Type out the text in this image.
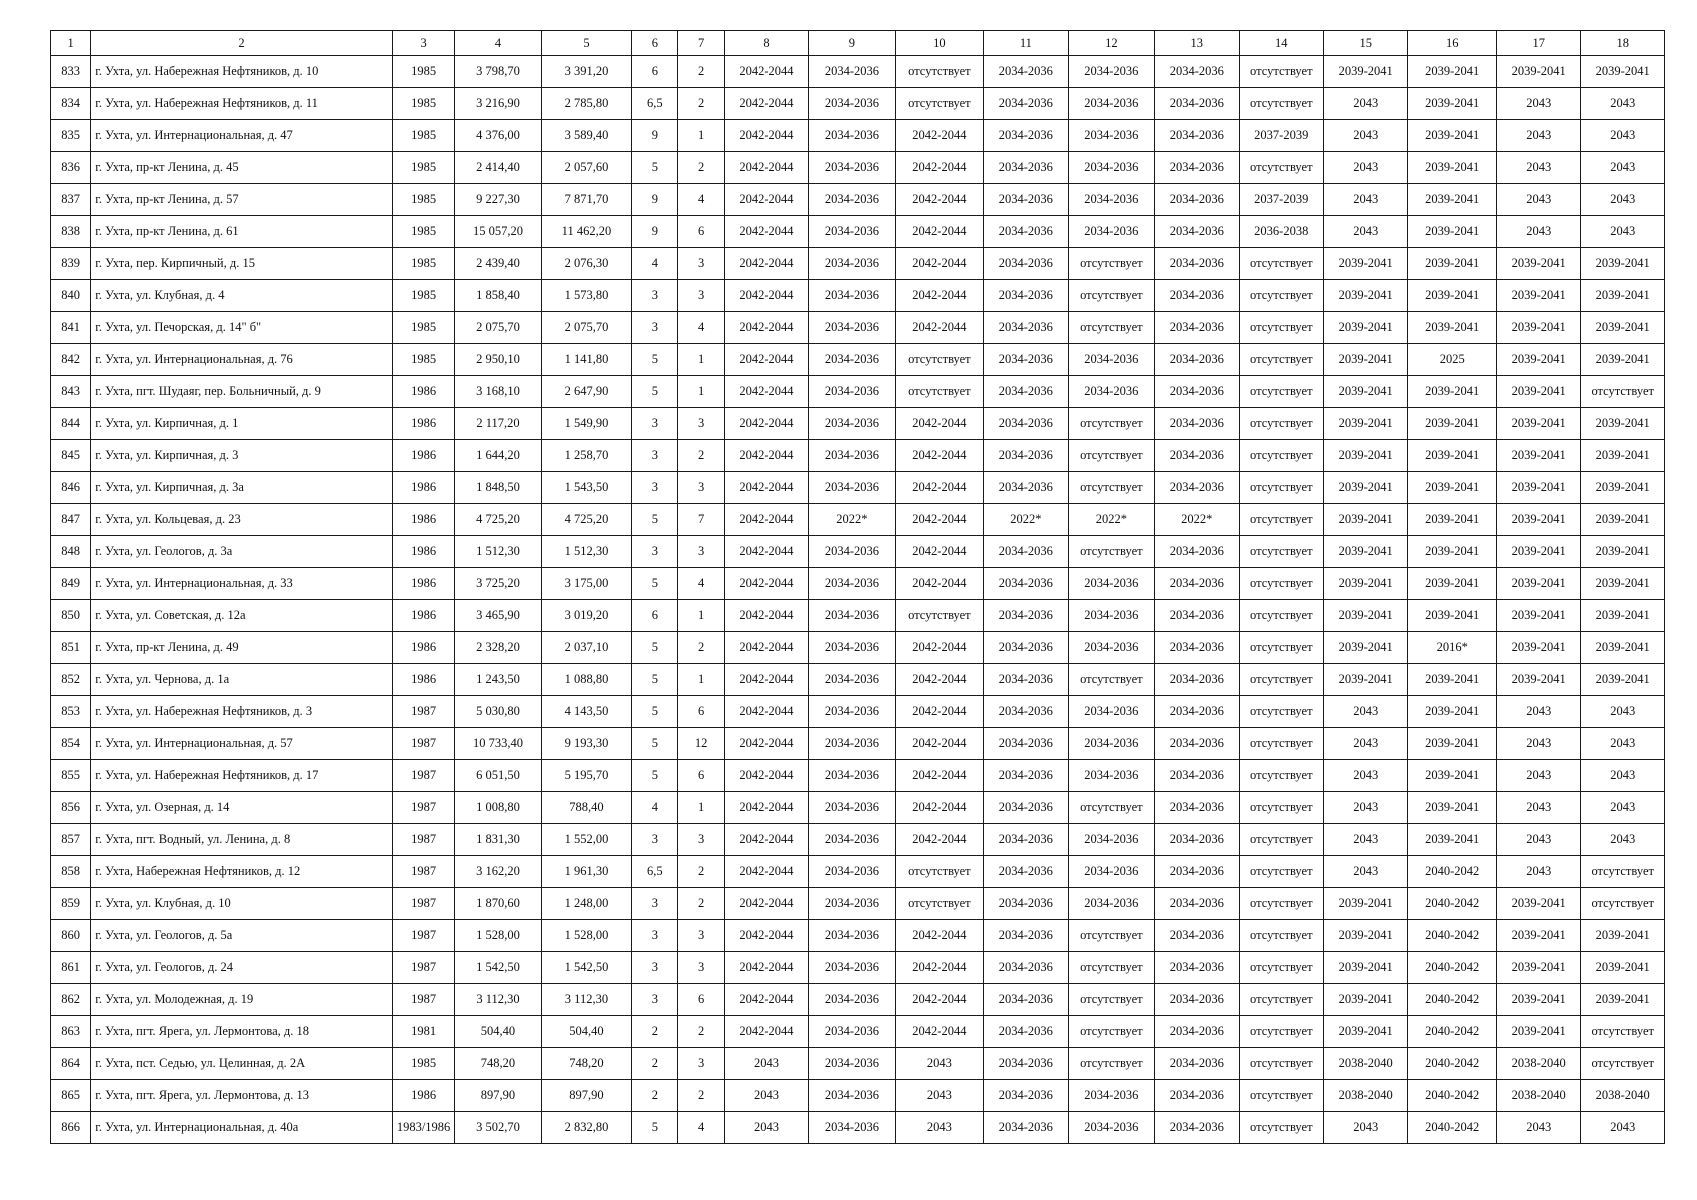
1	2	3	4	5	6	7	8	9	10	11	12	13	14	15	16	17	18
833	г. Ухта, ул. Набережная Нефтяников, д. 10	1985	3 798,70	3 391,20	6	2	2042-2044	2034-2036	отсутствует	2034-2036	2034-2036	2034-2036	отсутствует	2039-2041	2039-2041	2039-2041	2039-2041
834	г. Ухта, ул. Набережная Нефтяников, д. 11	1985	3 216,90	2 785,80	6,5	2	2042-2044	2034-2036	отсутствует	2034-2036	2034-2036	2034-2036	отсутствует	2043	2039-2041	2043	2043
835	г. Ухта, ул. Интернациональная, д. 47	1985	4 376,00	3 589,40	9	1	2042-2044	2034-2036	2042-2044	2034-2036	2034-2036	2034-2036	2037-2039	2043	2039-2041	2043	2043
836	г. Ухта, пр-кт Ленина, д. 45	1985	2 414,40	2 057,60	5	2	2042-2044	2034-2036	2042-2044	2034-2036	2034-2036	2034-2036	отсутствует	2043	2039-2041	2043	2043
837	г. Ухта, пр-кт Ленина, д. 57	1985	9 227,30	7 871,70	9	4	2042-2044	2034-2036	2042-2044	2034-2036	2034-2036	2034-2036	2037-2039	2043	2039-2041	2043	2043
838	г. Ухта, пр-кт Ленина, д. 61	1985	15 057,20	11 462,20	9	6	2042-2044	2034-2036	2042-2044	2034-2036	2034-2036	2034-2036	2036-2038	2043	2039-2041	2043	2043
839	г. Ухта, пер. Кирпичный, д. 15	1985	2 439,40	2 076,30	4	3	2042-2044	2034-2036	2042-2044	2034-2036	отсутствует	2034-2036	отсутствует	2039-2041	2039-2041	2039-2041	2039-2041
840	г. Ухта, ул. Клубная, д. 4	1985	1 858,40	1 573,80	3	3	2042-2044	2034-2036	2042-2044	2034-2036	отсутствует	2034-2036	отсутствует	2039-2041	2039-2041	2039-2041	2039-2041
841	г. Ухта, ул. Печорская, д. 14" б"	1985	2 075,70	2 075,70	3	4	2042-2044	2034-2036	2042-2044	2034-2036	отсутствует	2034-2036	отсутствует	2039-2041	2039-2041	2039-2041	2039-2041
842	г. Ухта, ул. Интернациональная, д. 76	1985	2 950,10	1 141,80	5	1	2042-2044	2034-2036	отсутствует	2034-2036	2034-2036	2034-2036	отсутствует	2039-2041	2025	2039-2041	2039-2041
843	г. Ухта, пгт. Шудаяг, пер. Больничный, д. 9	1986	3 168,10	2 647,90	5	1	2042-2044	2034-2036	отсутствует	2034-2036	2034-2036	2034-2036	отсутствует	2039-2041	2039-2041	2039-2041	отсутствует
844	г. Ухта, ул. Кирпичная, д. 1	1986	2 117,20	1 549,90	3	3	2042-2044	2034-2036	2042-2044	2034-2036	отсутствует	2034-2036	отсутствует	2039-2041	2039-2041	2039-2041	2039-2041
845	г. Ухта, ул. Кирпичная, д. 3	1986	1 644,20	1 258,70	3	2	2042-2044	2034-2036	2042-2044	2034-2036	отсутствует	2034-2036	отсутствует	2039-2041	2039-2041	2039-2041	2039-2041
846	г. Ухта, ул. Кирпичная, д. 3а	1986	1 848,50	1 543,50	3	3	2042-2044	2034-2036	2042-2044	2034-2036	отсутствует	2034-2036	отсутствует	2039-2041	2039-2041	2039-2041	2039-2041
847	г. Ухта, ул. Кольцевая, д. 23	1986	4 725,20	4 725,20	5	7	2042-2044	2022*	2042-2044	2022*	2022*	2022*	отсутствует	2039-2041	2039-2041	2039-2041	2039-2041
848	г. Ухта, ул. Геологов, д. 3а	1986	1 512,30	1 512,30	3	3	2042-2044	2034-2036	2042-2044	2034-2036	отсутствует	2034-2036	отсутствует	2039-2041	2039-2041	2039-2041	2039-2041
849	г. Ухта, ул. Интернациональная, д. 33	1986	3 725,20	3 175,00	5	4	2042-2044	2034-2036	2042-2044	2034-2036	2034-2036	2034-2036	отсутствует	2039-2041	2039-2041	2039-2041	2039-2041
850	г. Ухта, ул. Советская, д. 12а	1986	3 465,90	3 019,20	6	1	2042-2044	2034-2036	отсутствует	2034-2036	2034-2036	2034-2036	отсутствует	2039-2041	2039-2041	2039-2041	2039-2041
851	г. Ухта, пр-кт Ленина, д. 49	1986	2 328,20	2 037,10	5	2	2042-2044	2034-2036	2042-2044	2034-2036	2034-2036	2034-2036	отсутствует	2039-2041	2016*	2039-2041	2039-2041
852	г. Ухта, ул. Чернова, д. 1а	1986	1 243,50	1 088,80	5	1	2042-2044	2034-2036	2042-2044	2034-2036	отсутствует	2034-2036	отсутствует	2039-2041	2039-2041	2039-2041	2039-2041
853	г. Ухта, ул. Набережная Нефтяников, д. 3	1987	5 030,80	4 143,50	5	6	2042-2044	2034-2036	2042-2044	2034-2036	2034-2036	2034-2036	отсутствует	2043	2039-2041	2043	2043
854	г. Ухта, ул. Интернациональная, д. 57	1987	10 733,40	9 193,30	5	12	2042-2044	2034-2036	2042-2044	2034-2036	2034-2036	2034-2036	отсутствует	2043	2039-2041	2043	2043
855	г. Ухта, ул. Набережная Нефтяников, д. 17	1987	6 051,50	5 195,70	5	6	2042-2044	2034-2036	2042-2044	2034-2036	2034-2036	2034-2036	отсутствует	2043	2039-2041	2043	2043
856	г. Ухта, ул. Озерная, д. 14	1987	1 008,80	788,40	4	1	2042-2044	2034-2036	2042-2044	2034-2036	отсутствует	2034-2036	отсутствует	2043	2039-2041	2043	2043
857	г. Ухта, пгт. Водный, ул. Ленина, д. 8	1987	1 831,30	1 552,00	3	3	2042-2044	2034-2036	2042-2044	2034-2036	2034-2036	2034-2036	отсутствует	2043	2039-2041	2043	2043
858	г. Ухта, Набережная Нефтяников, д. 12	1987	3 162,20	1 961,30	6,5	2	2042-2044	2034-2036	отсутствует	2034-2036	2034-2036	2034-2036	отсутствует	2043	2040-2042	2043	отсутствует
859	г. Ухта, ул. Клубная, д. 10	1987	1 870,60	1 248,00	3	2	2042-2044	2034-2036	отсутствует	2034-2036	2034-2036	2034-2036	отсутствует	2039-2041	2040-2042	2039-2041	отсутствует
860	г. Ухта, ул. Геологов, д. 5а	1987	1 528,00	1 528,00	3	3	2042-2044	2034-2036	2042-2044	2034-2036	отсутствует	2034-2036	отсутствует	2039-2041	2040-2042	2039-2041	2039-2041
861	г. Ухта, ул. Геологов, д. 24	1987	1 542,50	1 542,50	3	3	2042-2044	2034-2036	2042-2044	2034-2036	отсутствует	2034-2036	отсутствует	2039-2041	2040-2042	2039-2041	2039-2041
862	г. Ухта, ул. Молодежная, д. 19	1987	3 112,30	3 112,30	3	6	2042-2044	2034-2036	2042-2044	2034-2036	отсутствует	2034-2036	отсутствует	2039-2041	2040-2042	2039-2041	2039-2041
863	г. Ухта, пгт. Ярега, ул. Лермонтова, д. 18	1981	504,40	504,40	2	2	2042-2044	2034-2036	2042-2044	2034-2036	отсутствует	2034-2036	отсутствует	2039-2041	2040-2042	2039-2041	отсутствует
864	г. Ухта, пст. Седью, ул. Целинная, д. 2А	1985	748,20	748,20	2	3	2043	2034-2036	2043	2034-2036	отсутствует	2034-2036	отсутствует	2038-2040	2040-2042	2038-2040	отсутствует
865	г. Ухта, пгт. Ярега, ул. Лермонтова, д. 13	1986	897,90	897,90	2	2	2043	2034-2036	2043	2034-2036	2034-2036	2034-2036	отсутствует	2038-2040	2040-2042	2038-2040	2038-2040
866	г. Ухта, ул. Интернациональная, д. 40а	1983/1986	3 502,70	2 832,80	5	4	2043	2034-2036	2043	2034-2036	2034-2036	2034-2036	отсутствует	2043	2040-2042	2043	2043
